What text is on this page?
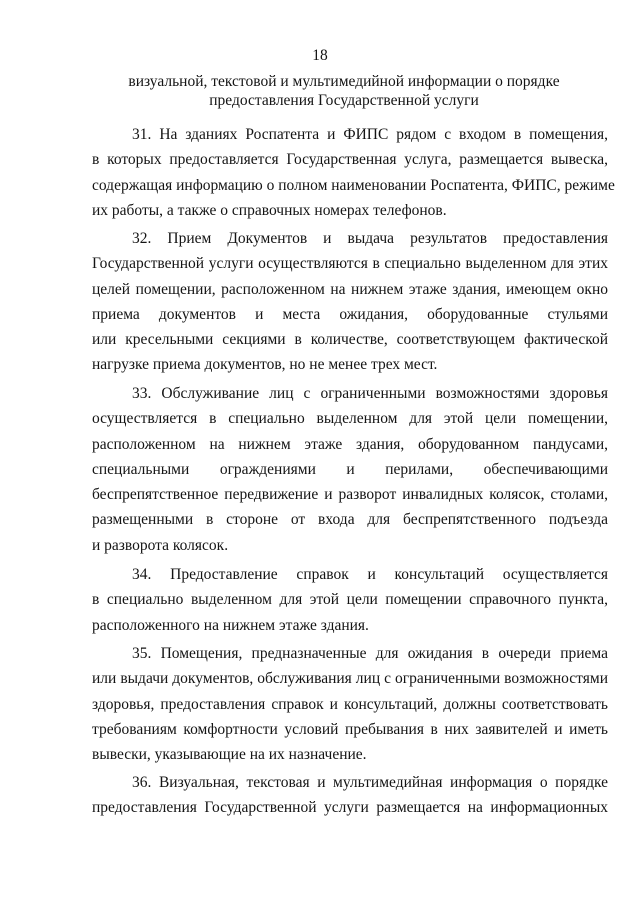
18
визуальной, текстовой и мультимедийной информации о порядке
предоставления Государственной услуги
31. На зданиях Роспатента и ФИПС рядом с входом в помещения,
в которых предоставляется Государственная услуга, размещается вывеска,
содержащая информацию о полном наименовании Роспатента, ФИПС, режиме
их работы, а также о справочных номерах телефонов.
32. Прием Документов и выдача результатов предоставления
Государственной услуги осуществляются в специально выделенном для этих
целей помещении, расположенном на нижнем этаже здания, имеющем окно
приема документов и места ожидания, оборудованные стульями
или кресельными секциями в количестве, соответствующем фактической
нагрузке приема документов, но не менее трех мест.
33. Обслуживание лиц с ограниченными возможностями здоровья
осуществляется в специально выделенном для этой цели помещении,
расположенном на нижнем этаже здания, оборудованном пандусами,
специальными ограждениями и перилами, обеспечивающими
беспрепятственное передвижение и разворот инвалидных колясок, столами,
размещенными в стороне от входа для беспрепятственного подъезда
и разворота колясок.
34. Предоставление справок и консультаций осуществляется
в специально выделенном для этой цели помещении справочного пункта,
расположенного на нижнем этаже здания.
35. Помещения, предназначенные для ожидания в очереди приема
или выдачи документов, обслуживания лиц с ограниченными возможностями
здоровья, предоставления справок и консультаций, должны соответствовать
требованиям комфортности условий пребывания в них заявителей и иметь
вывески, указывающие на их назначение.
36. Визуальная, текстовая и мультимедийная информация о порядке
предоставления Государственной услуги размещается на информационных
